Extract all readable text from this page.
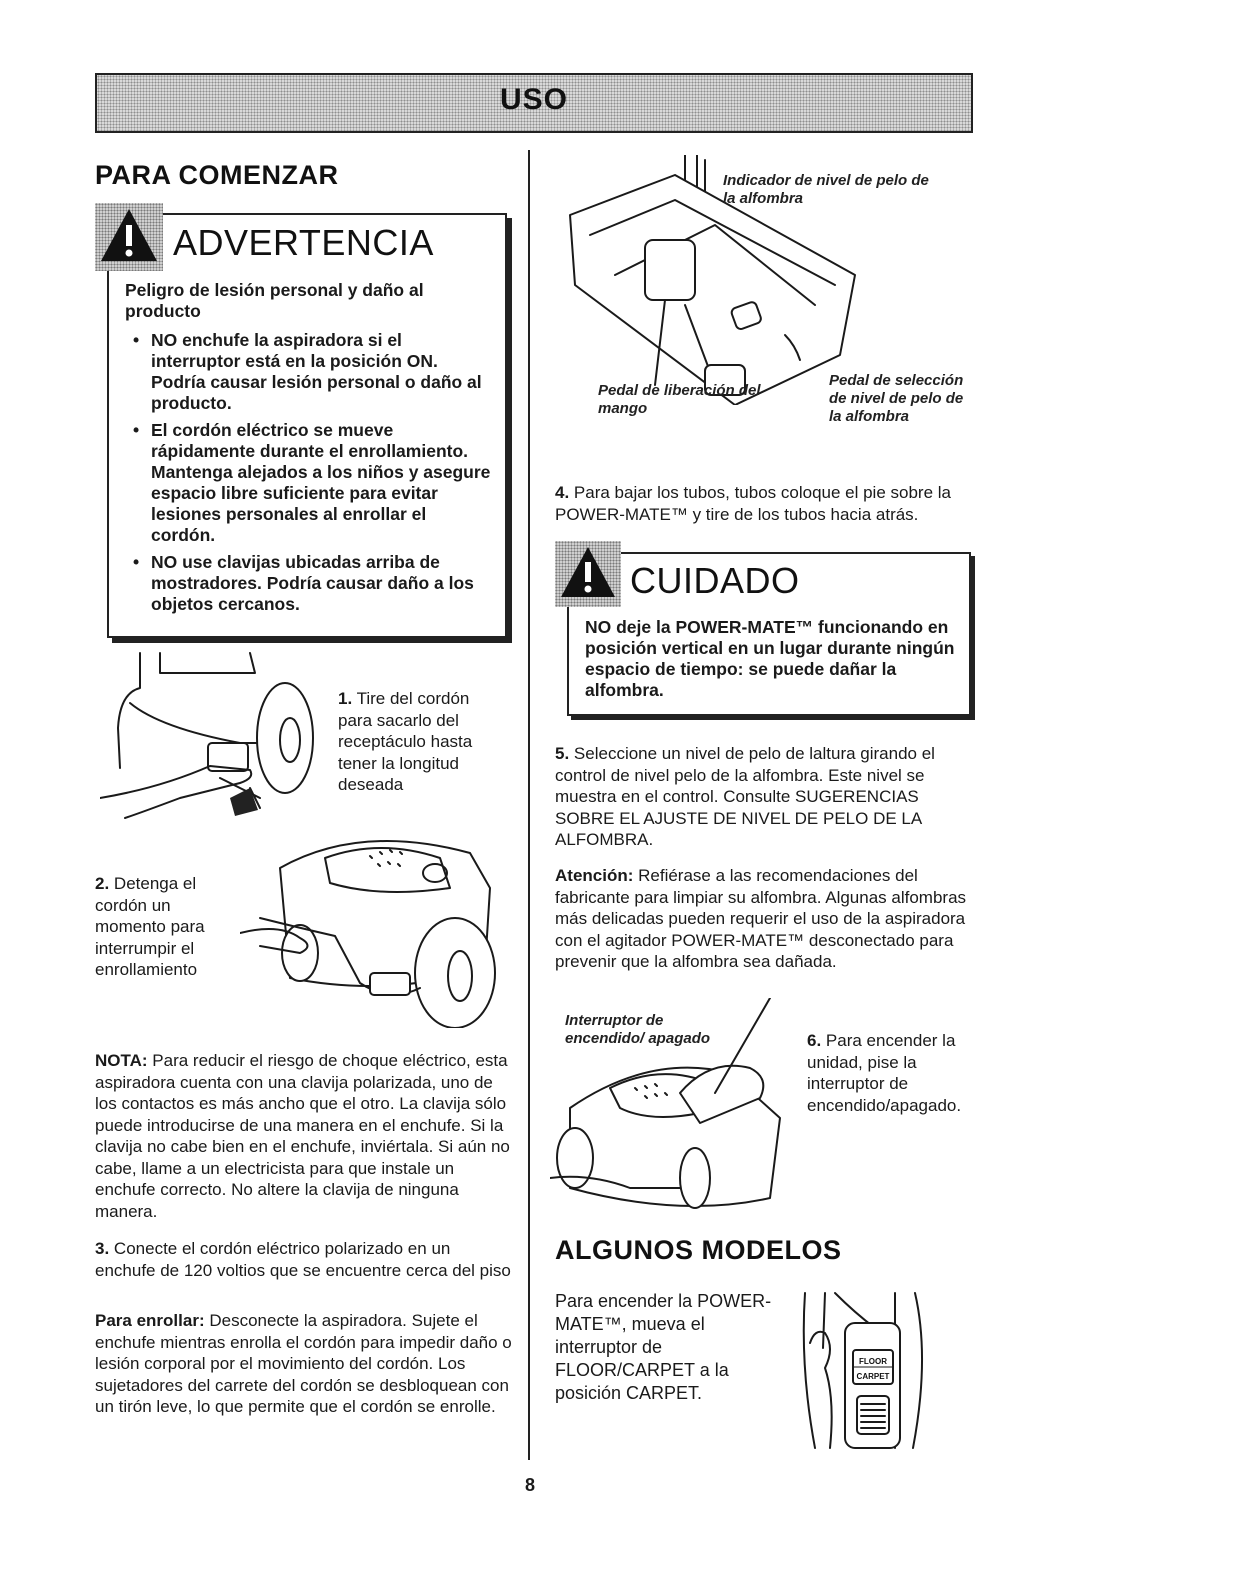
USO
PARA COMENZAR
Peligro de lesión personal y daño al producto
• NO enchufe la aspiradora si el interruptor está en la posición ON. Podría causar lesión personal o daño al producto.
• El cordón eléctrico se mueve rápidamente durante el enrollamiento. Mantenga alejados a los niños y asegure espacio libre suficiente para evitar lesiones personales al enrollar el cordón.
• NO use clavijas ubicadas arriba de mostradores. Podría causar daño a los objetos cercanos.
ADVERTENCIA
1. Tire del cordón para sacarlo del receptáculo hasta tener la longitud deseada
2. Detenga el cordón un momento para interrumpir el enrollamiento
NOTA: Para reducir el riesgo de choque eléctrico, esta aspiradora cuenta con una clavija polarizada, uno de los contactos es más ancho que el otro. La clavija sólo puede introducirse de una manera en el enchufe. Si la clavija no cabe bien en el enchufe, inviértala. Si aún no cabe, llame a un electricista para que instale un enchufe correcto. No altere la clavija de ninguna manera.
3. Conecte el cordón eléctrico polarizado en un enchufe de 120 voltios que se encuentre cerca del piso
Para enrollar: Desconecte la aspiradora. Sujete el enchufe mientras enrolla el cordón para impedir daño o lesión corporal por el movimiento del cordón. Los sujetadores del carrete del cordón se desbloquean con un tirón leve, lo que permite que el cordón se enrolle.
Indicador de nivel de pelo de la alfombra
Pedal de liberación del mango
Pedal de selección de nivel de pelo de la alfombra
4. Para bajar los tubos, tubos coloque el pie sobre la POWER-MATE™ y tire de los tubos hacia atrás.
NO deje la POWER-MATE™ funcionando en posición vertical en un lugar durante ningún espacio de tiempo: se puede dañar la alfombra.
CUIDADO
5. Seleccione un nivel de pelo de laltura girando el control de nivel pelo de la alfombra. Este nivel se muestra en el control. Consulte SUGERENCIAS SOBRE EL AJUSTE DE NIVEL DE PELO DE LA ALFOMBRA.
Atención: Refiérase a las recomendaciones del fabricante para limpiar su alfombra. Algunas alfombras más delicadas pueden requerir el uso de la aspiradora con el agitador POWER-MATE™ desconectado para prevenir que la alfombra sea dañada.
Interruptor de encendido/ apagado	6. Para encender la unidad, pise la interruptor de encendido/apagado.
ALGUNOS MODELOS
Para encender la POWER-MATE™, mueva el interruptor de FLOOR/CARPET a la posición CARPET.
FLOOR
CARPET
8
